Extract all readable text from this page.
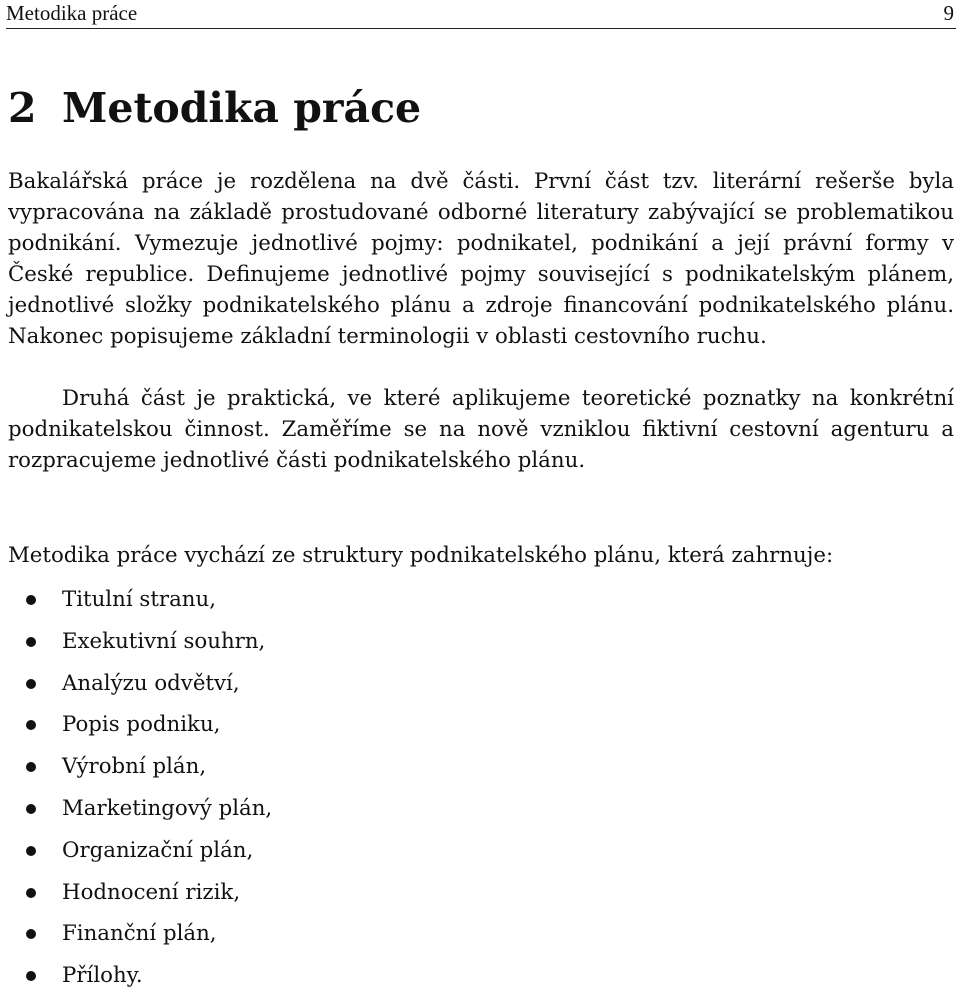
Metodika práce	9
2 Metodika práce

Bakalářská práce je rozdělena na dvě části. První část tzv. literární rešerše byla vypracována na základě prostudované odborné literatury zabývající se problematikou podnikání. Vymezuje jednotlivé pojmy: podnikatel, podnikání a její právní formy v České republice. Definujeme jednotlivé pojmy související s podnikatelským plánem, jednotlivé složky podnikatelského plánu a zdroje financování podnikatelského plánu. Nakonec popisujeme základní terminologii v oblasti cestovního ruchu.

Druhá část je praktická, ve které aplikujeme teoretické poznatky na konkrétní podnikatelskou činnost. Zaměříme se na nově vzniklou fiktivní cestovní agenturu a rozpracujeme jednotlivé části podnikatelského plánu.

Metodika práce vychází ze struktury podnikatelského plánu, která zahrnuje:

Titulní stranu,
Exekutivní souhrn,
Analýzu odvětví,
Popis podniku,
Výrobní plán,
Marketingový plán,
Organizační plán,
Hodnocení rizik,
Finanční plán,
Přílohy.
